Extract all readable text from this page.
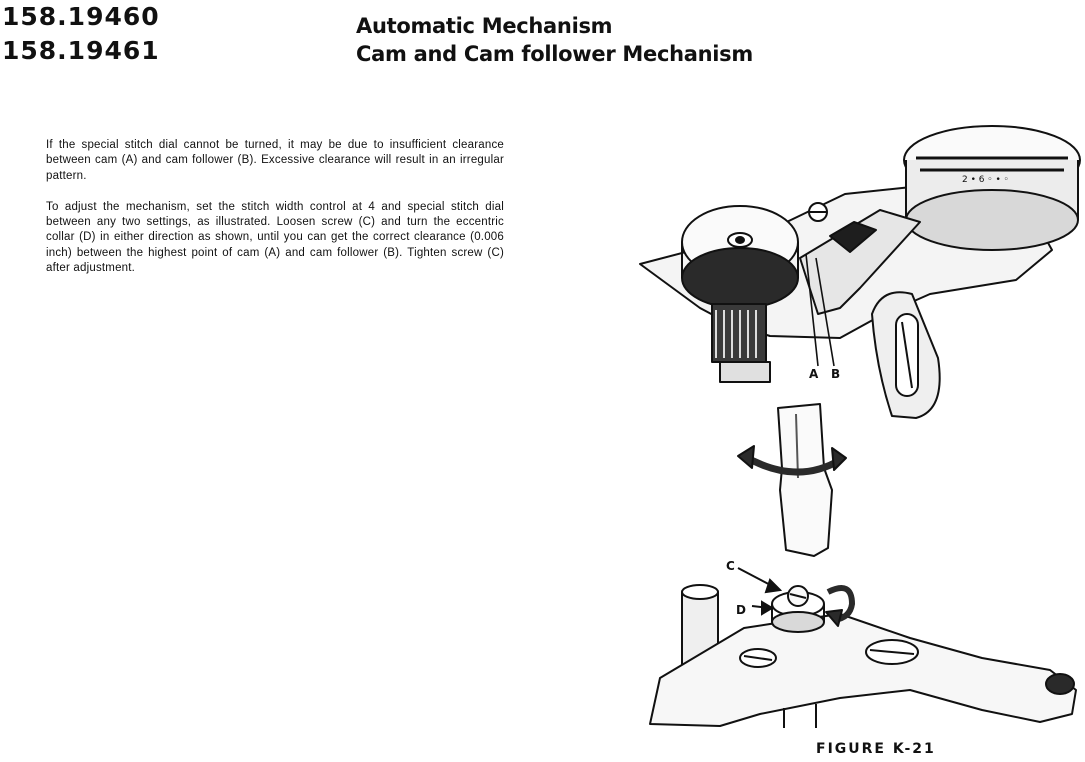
158.19460
158.19461
Automatic Mechanism
Cam and Cam follower Mechanism

If the special stitch dial cannot be turned, it may be due to insufficient clearance between cam (A) and cam follower (B). Excessive clearance will result in an irregular pattern.

To adjust the mechanism, set the stitch width control at 4 and special stitch dial between any two settings, as illustrated. Loosen screw (C) and turn the eccentric collar (D) in either direction as shown, until you can get the correct clearance (0.006 inch) between the highest point of cam (A) and cam follower (B). Tighten screw (C) after adjustment.

2 • 6 ◦ • ◦
A B
C
D
FIGURE K-21
